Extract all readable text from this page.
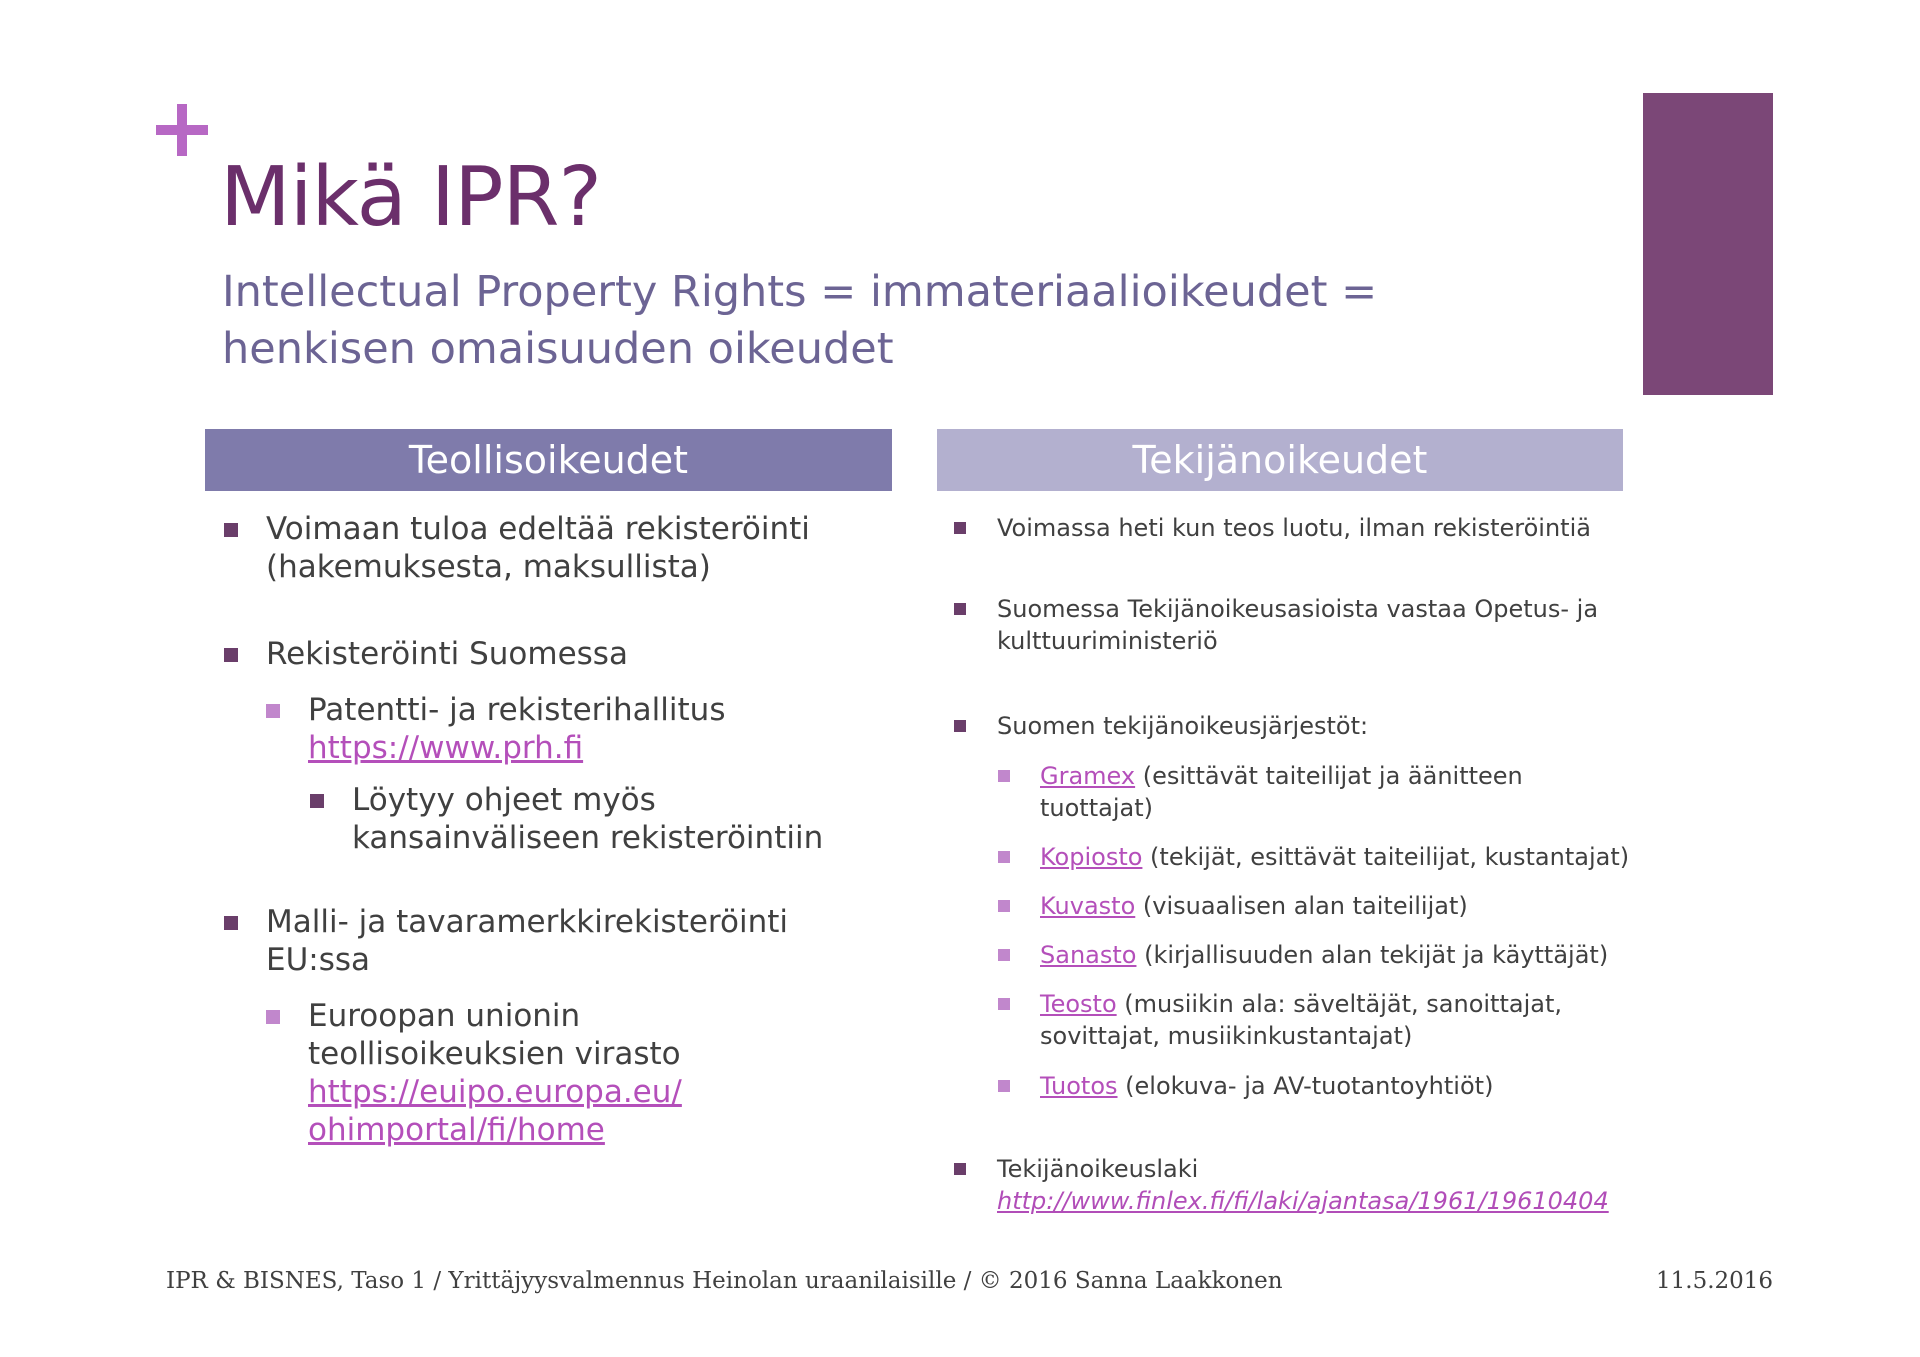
Mikä IPR?
Intellectual Property Rights = immateriaalioikeudet = henkisen omaisuuden oikeudet
Teollisoikeudet
Voimaan tuloa edeltää rekisteröinti
(hakemuksesta, maksullista)
Rekisteröinti Suomessa
Patentti- ja rekisterihallitus
https://www.prh.fi
Löytyy ohjeet myös
kansainväliseen rekisteröintiin
Malli- ja tavaramerkkirekisteröinti
EU:ssa
Euroopan unionin
teollisoikeuksien virasto
https://euipo.europa.eu/
ohimportal/fi/home
Tekijänoikeudet
Voimassa heti kun teos luotu, ilman rekisteröintiä
Suomessa Tekijänoikeusasioista vastaa Opetus- ja
kulttuuriministeriö
Suomen tekijänoikeusjärjestöt:
Gramex (esittävät taiteilijat ja äänitteen
tuottajat)
Kopiosto (tekijät, esittävät taiteilijat, kustantajat)
Kuvasto (visuaalisen alan taiteilijat)
Sanasto (kirjallisuuden alan tekijät ja käyttäjät)
Teosto (musiikin ala: säveltäjät, sanoittajat,
sovittajat, musiikinkustantajat)
Tuotos (elokuva- ja AV-tuotantoyhtiöt)
Tekijänoikeuslaki
http://www.finlex.fi/fi/laki/ajantasa/1961/19610404
IPR & BISNES, Taso 1 / Yrittäjyysvalmennus Heinolan uraanilaisille / © 2016 Sanna Laakkonen	11.5.2016
